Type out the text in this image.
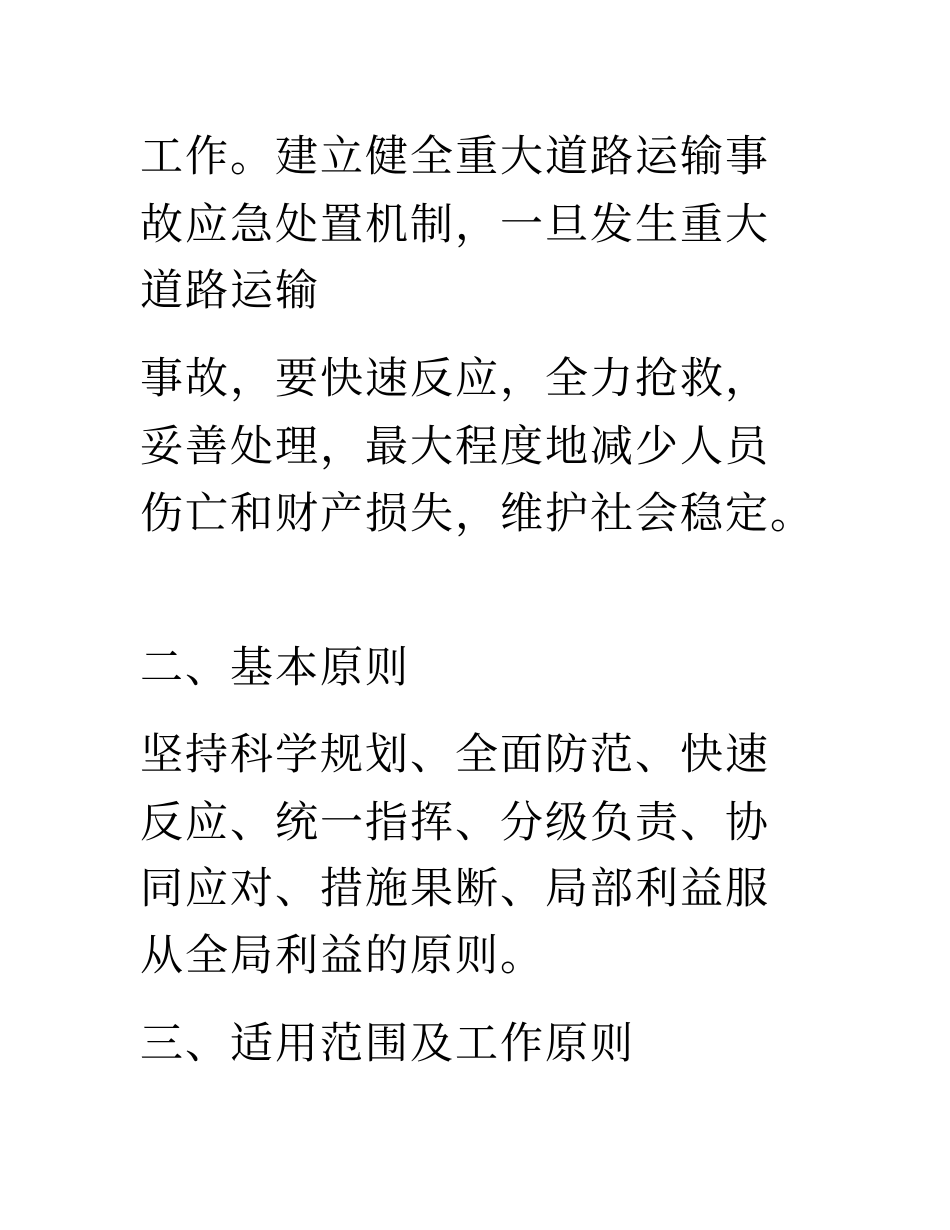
工作。建立健全重大道路运输事
故应急处置机制，一旦发生重大
道路运输
事故，要快速反应，全力抢救，
妥善处理，最大程度地减少人员
伤亡和财产损失，维护社会稳定。
二、基本原则
坚持科学规划、全面防范、快速
反应、统一指挥、分级负责、协
同应对、措施果断、局部利益服
从全局利益的原则。
三、适用范围及工作原则
